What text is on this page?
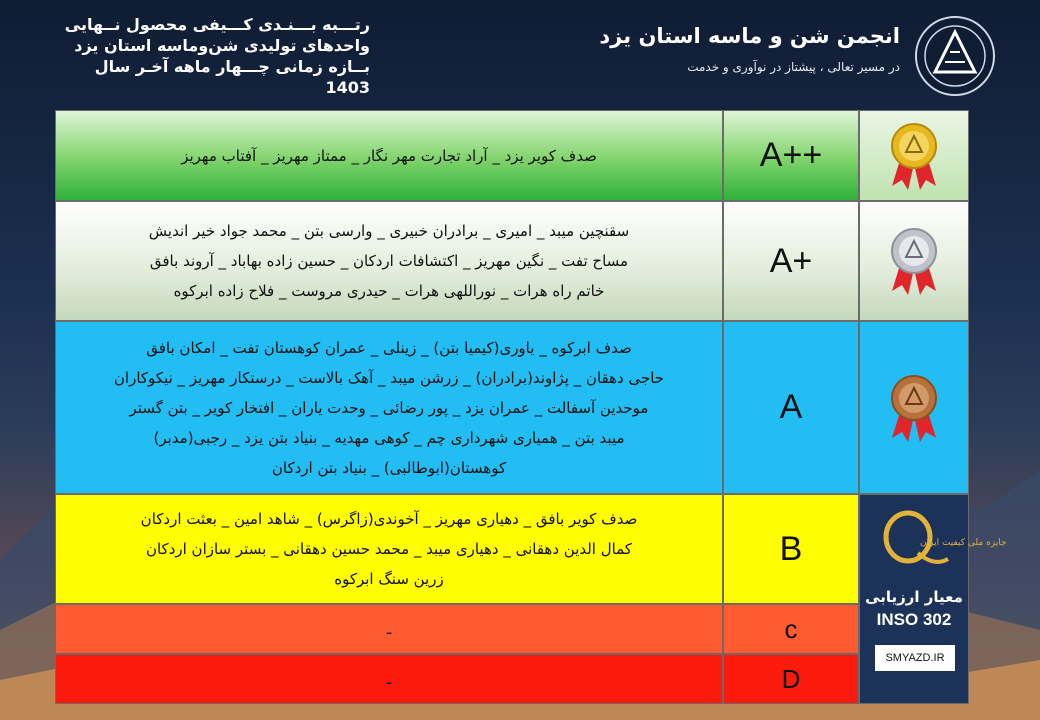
رتـــبه بـــنـدی کـــیفی محصول نــهایی
واحدهای تولیدی شن‌و‌ماسه استان یزد
بــازه زمانی چـــهار ماهه آخـر سال 1403
انجمن شن و ماسه استان یزد
در مسیر تعالی ، پیشتاز در نوآوری و خدمت
صدف کویر یزد _ آراد تجارت مهر نگار _ ممتاز مهریز _ آفتاب مهریز	A++
سقنچین میبد _ امیری _ برادران خبیری _ وارسی بتن _ محمد جواد خیر اندیش
مساح تفت _ نگین مهریز _ اکتشافات اردکان _ حسین زاده بهاباد _ آروند بافق
خاتم راه هرات _ نوراللهی هرات _ حیدری مروست _ فلاح زاده ابرکوه
A+
صدف ابرکوه _ یاوری(کیمیا بتن) _ زینلی _ عمران کوهستان تفت _ امکان بافق
حاجی دهقان _ پژاوند(برادران) _ زرشن میبد _ آهک بالاست _ درستکار مهریز _ نیکوکاران
موحدین آسفالت _ عمران یزد _ پور رضائی _ وحدت یاران _ افتخار کویر _ بتن گستر
میبد بتن _ همیاری شهرداری چم _ کوهی مهدیه _ بنیاد بتن یزد _ رجبی(مدبر)
کوهستان(ابوطالبی) _ بنیاد بتن اردکان
A
صدف کویر بافق _ دهیاری مهریز _ آخوندی(زاگرس) _ شاهد امین _ بعثت اردکان
کمال الدین دهقانی _ دهیاری میبد _ محمد حسین دهقانی _ بستر سازان اردکان
زرین سنگ ابرکوه
B
ـ	c
ـ	D
جایزه ملی کیفیت ایران
معیار ارزیابی
INSO 302
SMYAZD.IR
